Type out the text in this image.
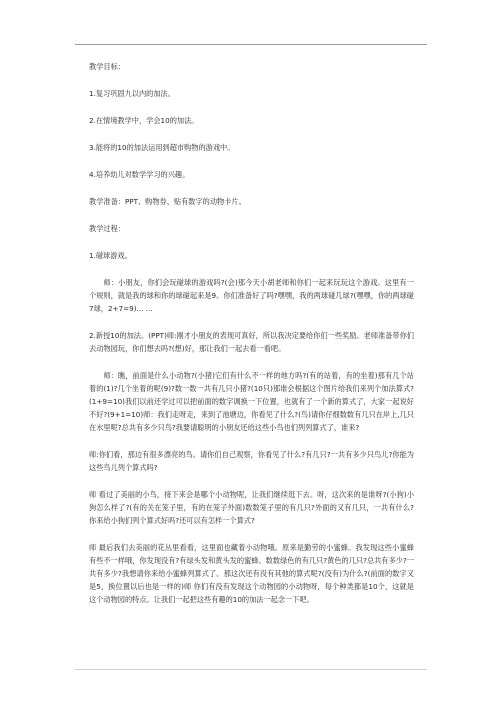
教学目标：

1.复习巩固九以内的加法。

2.在情境教学中，学会10的加法。

3.能将的10的加法运用到超市购物的游戏中。

4.培养幼儿对数学学习的兴趣。

教学准备：PPT、购物券、贴有数字的动物卡片。

教学过程：

1.碰球游戏。

师：小朋友，你们会玩碰球的游戏吗?(会)那今天小胡老师和你们一起来玩玩这个游戏。这里有一个规则，就是我的球和你的球碰起来是9。你们准备好了吗?嘿嘿，我的两球碰几球?(嘿嘿，你的两球碰7球，2+7=9)... ...

2.新授10的加法。(PPT)师:刚才小朋友的表现可真好，所以我决定要给你们一些奖励。老师准备带你们去动物园玩，你们想去吗?(想)好，那让我们一起去看一看吧。

师：瞧，前面是什么小动物?(小猪)它们有什么不一样的地方吗?(有的站着，有的坐着)那有几个站着的(1)?几个坐着的呢(9)?数一数一共有几只小猪?(10只)那谁会根据这个图片给我们来列个加法算式?(1+9=10)我们以前还学过可以把前面的数字调换一下位置，也就有了一个新的算式了，大家一起说好不好?(9+1=10)师：我们走呀走，来到了池塘边，你看见了什么?(鸟)请你仔细数数有几只在岸上,几只在水里呢?总共有多少只鸟?我要请聪明的小朋友还给这些小鸟也们列列算式了，谁来?

师:你们看，那边有很多漂亮的鸟。请你们自己观察，你看见了什么?有几只?一共有多少只鸟儿?你能为这些鸟儿列个算式吗?

师 看过了美丽的小鸟，接下来会是哪个小动物呢，让我们继续逛下去。呀，这次来的是谁呀?(小狗)小狗怎么样了?(有的关在笼子里，有的在笼子外面)数数笼子里的有几只?外面的又有几只，一共有什么?你来给小狗们列个算式好吗?还可以有怎样一个算式?

师 最后我们去美丽的花丛里看看，这里面也藏着小动物哦。原来是勤劳的小蜜蜂。我发现这些小蜜蜂有些不一样哦，你发现没有?有绿头发和黄头发的蜜蜂。数数绿色的有几只?黄色的几只?总共有多少?一共有多少?我想请你来给小蜜蜂列算式了。那这次还有没有其他的算式呢?(没有)为什么?(前面的数字又是5，换位置以后也是一样的)师 你们有没有发现这个动物园的小动物呀，每个种类都是10个，这就是这个动物园的特点。让我们一起把这些有趣的10的加法一起念一下吧。
